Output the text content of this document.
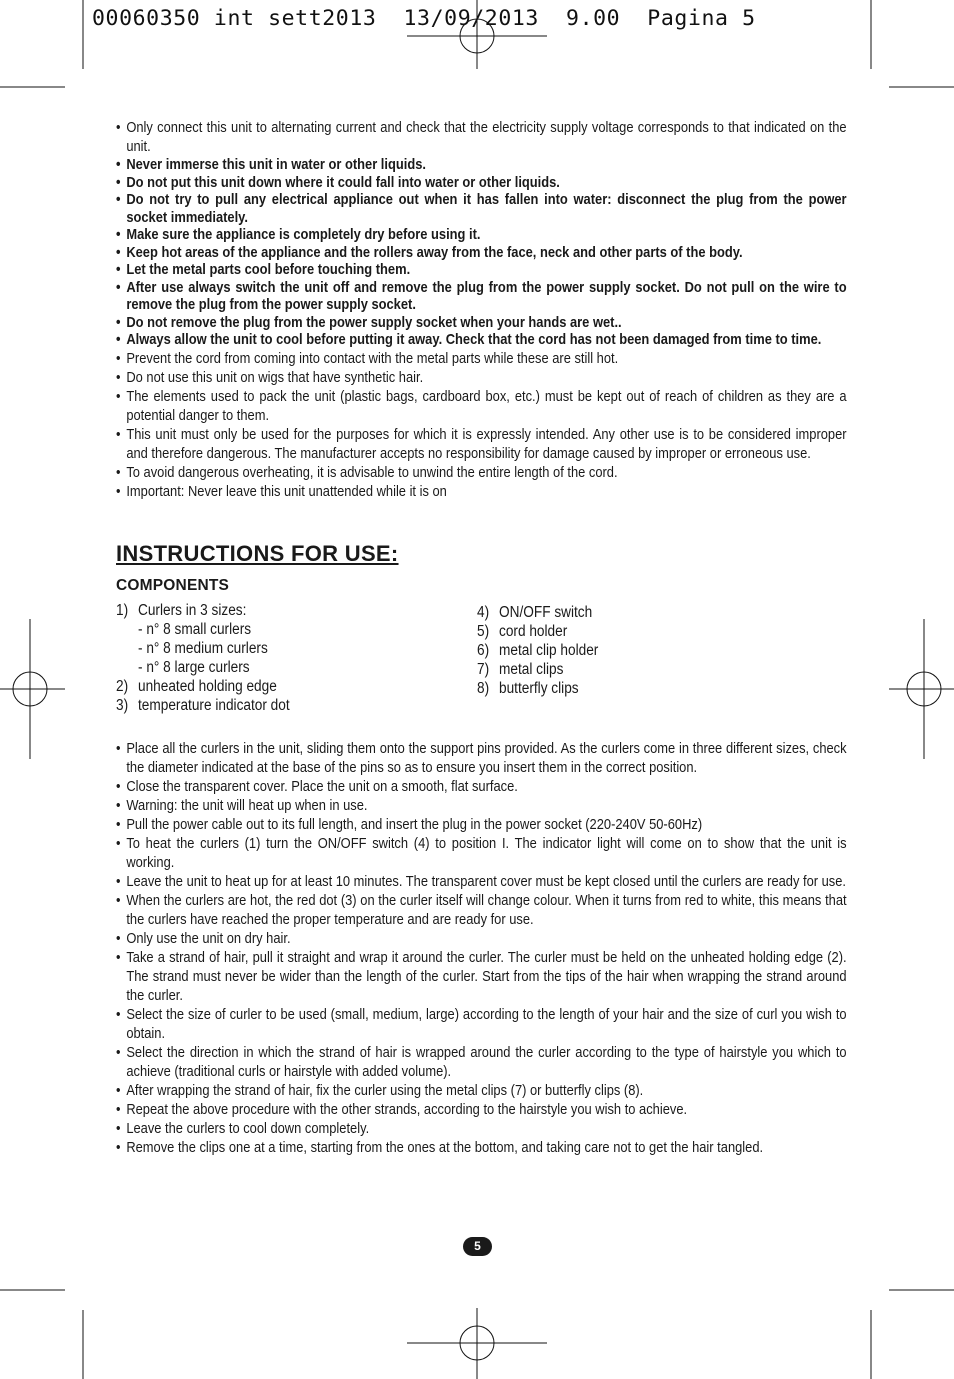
00060350 int sett2013  13/09/2013  9.00  Pagina 5
• Only connect this unit to alternating current and check that the electricity supply voltage corresponds to that indicated on the unit.
• Never immerse this unit in water or other liquids.
• Do not put this unit down where it could fall into water or other liquids.
• Do not try to pull any electrical appliance out when it has fallen into water: disconnect the plug from the power socket immediately.
• Make sure the appliance is completely dry before using it.
• Keep hot areas of the appliance and the rollers away from the face, neck and other parts of the body.
• Let the metal parts cool before touching them.
• After use always switch the unit off and remove the plug from the power supply socket. Do not pull on the wire to remove the plug from the power supply socket.
• Do not remove the plug from the power supply socket when your hands are wet..
• Always allow the unit to cool before putting it away. Check that the cord has not been damaged from time to time.
• Prevent the cord from coming into contact with the metal parts while these are still hot.
• Do not use this unit on wigs that have synthetic hair.
• The elements used to pack the unit (plastic bags, cardboard box, etc.) must be kept out of reach of children as they are a potential danger to them.
• This unit must only be used for the purposes for which it is expressly intended. Any other use is to be considered improper and therefore dangerous. The manufacturer accepts no responsibility for damage caused by improper or erroneous use.
• To avoid dangerous overheating, it is advisable to unwind the entire length of the cord.
• Important: Never leave this unit unattended while it is on
INSTRUCTIONS FOR USE:
COMPONENTS
1) Curlers in 3 sizes:
- n° 8 small curlers
- n° 8 medium curlers
- n° 8 large curlers
2) unheated holding edge
3) temperature indicator dot
4) ON/OFF switch
5) cord holder
6) metal clip holder
7) metal clips
8) butterfly clips
• Place all the curlers in the unit, sliding them onto the support pins provided. As the curlers come in three different sizes, check the diameter indicated at the base of the pins so as to ensure you insert them in the correct position.
• Close the transparent cover. Place the unit on a smooth, flat surface.
• Warning: the unit will heat up when in use.
• Pull the power cable out to its full length, and insert the plug in the power socket (220-240V 50-60Hz)
• To heat the curlers (1) turn the ON/OFF switch (4) to position I. The indicator light will come on to show that the unit is working.
• Leave the unit to heat up for at least 10 minutes. The transparent cover must be kept closed until the curlers are ready for use.
• When the curlers are hot, the red dot (3) on the curler itself will change colour. When it turns from red to white, this means that the curlers have reached the proper temperature and are ready for use.
• Only use the unit on dry hair.
• Take a strand of hair, pull it straight and wrap it around the curler. The curler must be held on the unheated holding edge (2). The strand must never be wider than the length of the curler. Start from the tips of the hair when wrapping the strand around the curler.
• Select the size of curler to be used (small, medium, large) according to the length of your hair and the size of curl you wish to obtain.
• Select the direction in which the strand of hair is wrapped around the curler according to the type of hairstyle you which to achieve (traditional curls or hairstyle with added volume).
• After wrapping the strand of hair, fix the curler using the metal clips (7) or butterfly clips (8).
• Repeat the above procedure with the other strands, according to the hairstyle you wish to achieve.
• Leave the curlers to cool down completely.
• Remove the clips one at a time, starting from the ones at the bottom, and taking care not to get the hair tangled.
5
